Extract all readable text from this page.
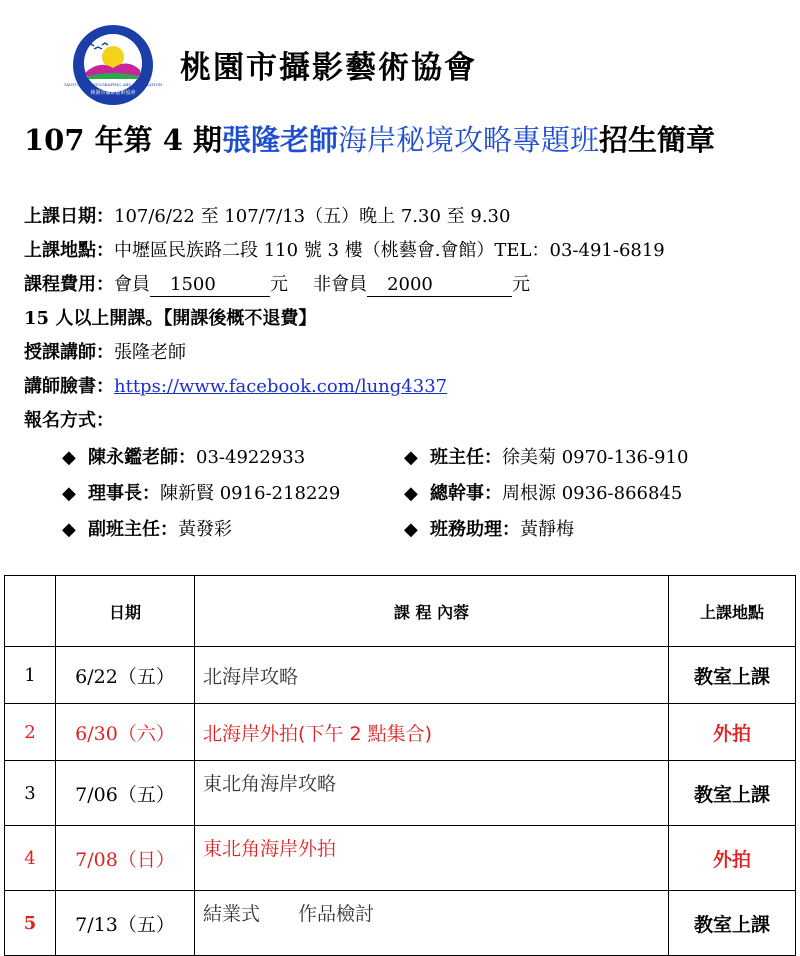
TAOYUAN PHOTOGRAPHIC ART ASSOCIATION
桃園市攝影藝術協會
桃園市攝影藝術協會
107 年第 4 期張隆老師海岸秘境攻略專題班招生簡章
上課日期：107/6/22 至 107/7/13（五）晚上 7.30 至 9.30
上課地點：中壢區民族路二段 110 號 3 樓（桃藝會.會館）TEL：03-491-6819
課程費用：會員 1500	元 非會員 2000	元
15 人以上開課。【開課後概不退費】
授課講師：張隆老師
講師臉書：https://www.facebook.com/lung4337
報名方式：
◆ 陳永鑑老師：03-4922933	◆ 班主任：徐美菊 0970-136-910
◆ 理事長：陳新賢 0916-218229	◆ 總幹事：周根源 0936-866845
◆ 副班主任：黃發彩	◆ 班務助理：黃靜梅
	日期	課 程 內蓉	上課地點
1	6/22（五）	北海岸攻略	教室上課
2	6/30（六）	北海岸外拍(下午 2 點集合)	外拍
3	7/06（五）	東北角海岸攻略	教室上課
4	7/08（日）	東北角海岸外拍	外拍
5	7/13（五）	結業式　　作品檢討	教室上課
